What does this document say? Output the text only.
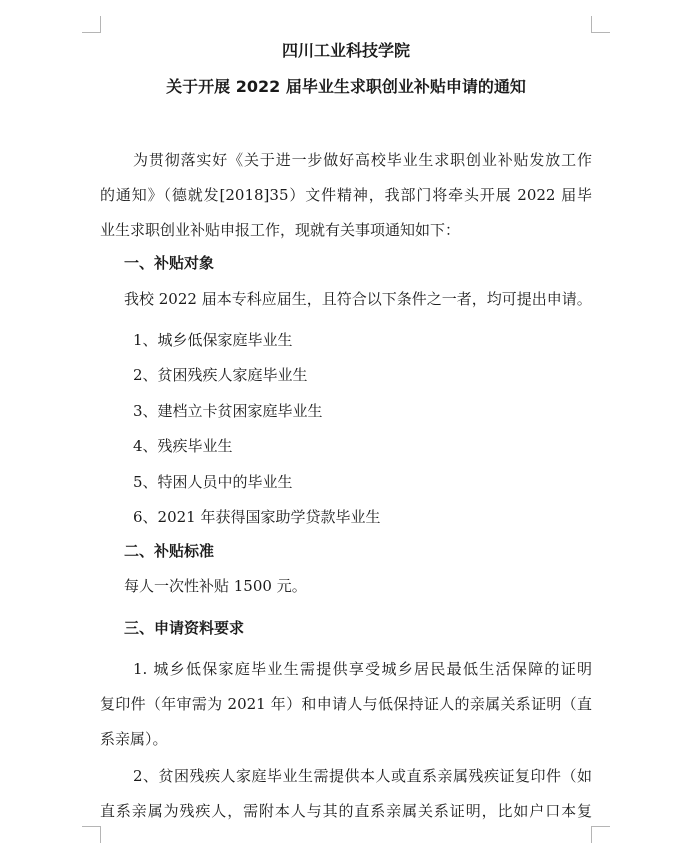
四川工业科技学院

关于开展 2022 届毕业生求职创业补贴申请的通知

为贯彻落实好《关于进一步做好高校毕业生求职创业补贴发放工作

的通知》（德就发[2018]35）文件精神，我部门将牵头开展 2022 届毕

业生求职创业补贴申报工作，现就有关事项通知如下：

一、补贴对象

我校 2022 届本专科应届生，且符合以下条件之一者，均可提出申请。

1、城乡低保家庭毕业生

2、贫困残疾人家庭毕业生

3、建档立卡贫困家庭毕业生

4、残疾毕业生

5、特困人员中的毕业生

6、2021 年获得国家助学贷款毕业生

二、补贴标准

每人一次性补贴 1500 元。

三、申请资料要求

1. 城乡低保家庭毕业生需提供享受城乡居民最低生活保障的证明

复印件（年审需为 2021 年）和申请人与低保持证人的亲属关系证明（直

系亲属）。

2、贫困残疾人家庭毕业生需提供本人或直系亲属残疾证复印件（如

直系亲属为残疾人，需附本人与其的直系亲属关系证明，比如户口本复
